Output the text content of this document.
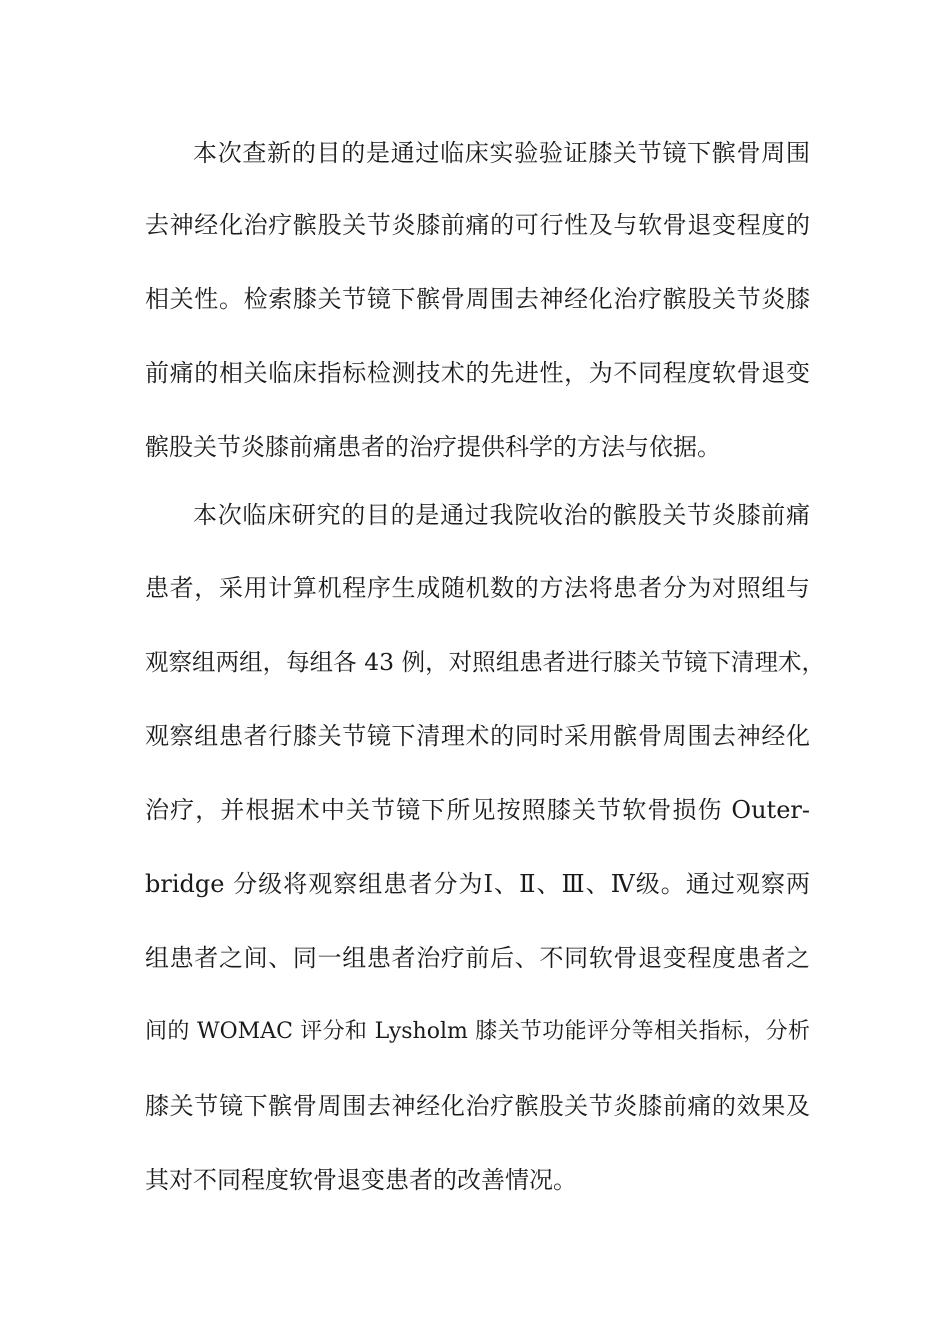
本次查新的目的是通过临床实验验证膝关节镜下髌骨周围
去神经化治疗髌股关节炎膝前痛的可行性及与软骨退变程度的
相关性。检索膝关节镜下髌骨周围去神经化治疗髌股关节炎膝
前痛的相关临床指标检测技术的先进性，为不同程度软骨退变
髌股关节炎膝前痛患者的治疗提供科学的方法与依据。
本次临床研究的目的是通过我院收治的髌股关节炎膝前痛
患者，采用计算机程序生成随机数的方法将患者分为对照组与
观察组两组，每组各 43 例，对照组患者进行膝关节镜下清理术，
观察组患者行膝关节镜下清理术的同时采用髌骨周围去神经化
治疗，并根据术中关节镜下所见按照膝关节软骨损伤 Outer-
bridge 分级将观察组患者分为Ⅰ、Ⅱ、Ⅲ、Ⅳ级。通过观察两
组患者之间、同一组患者治疗前后、不同软骨退变程度患者之
间的 WOMAC 评分和 Lysholm 膝关节功能评分等相关指标，分析
膝关节镜下髌骨周围去神经化治疗髌股关节炎膝前痛的效果及
其对不同程度软骨退变患者的改善情况。
